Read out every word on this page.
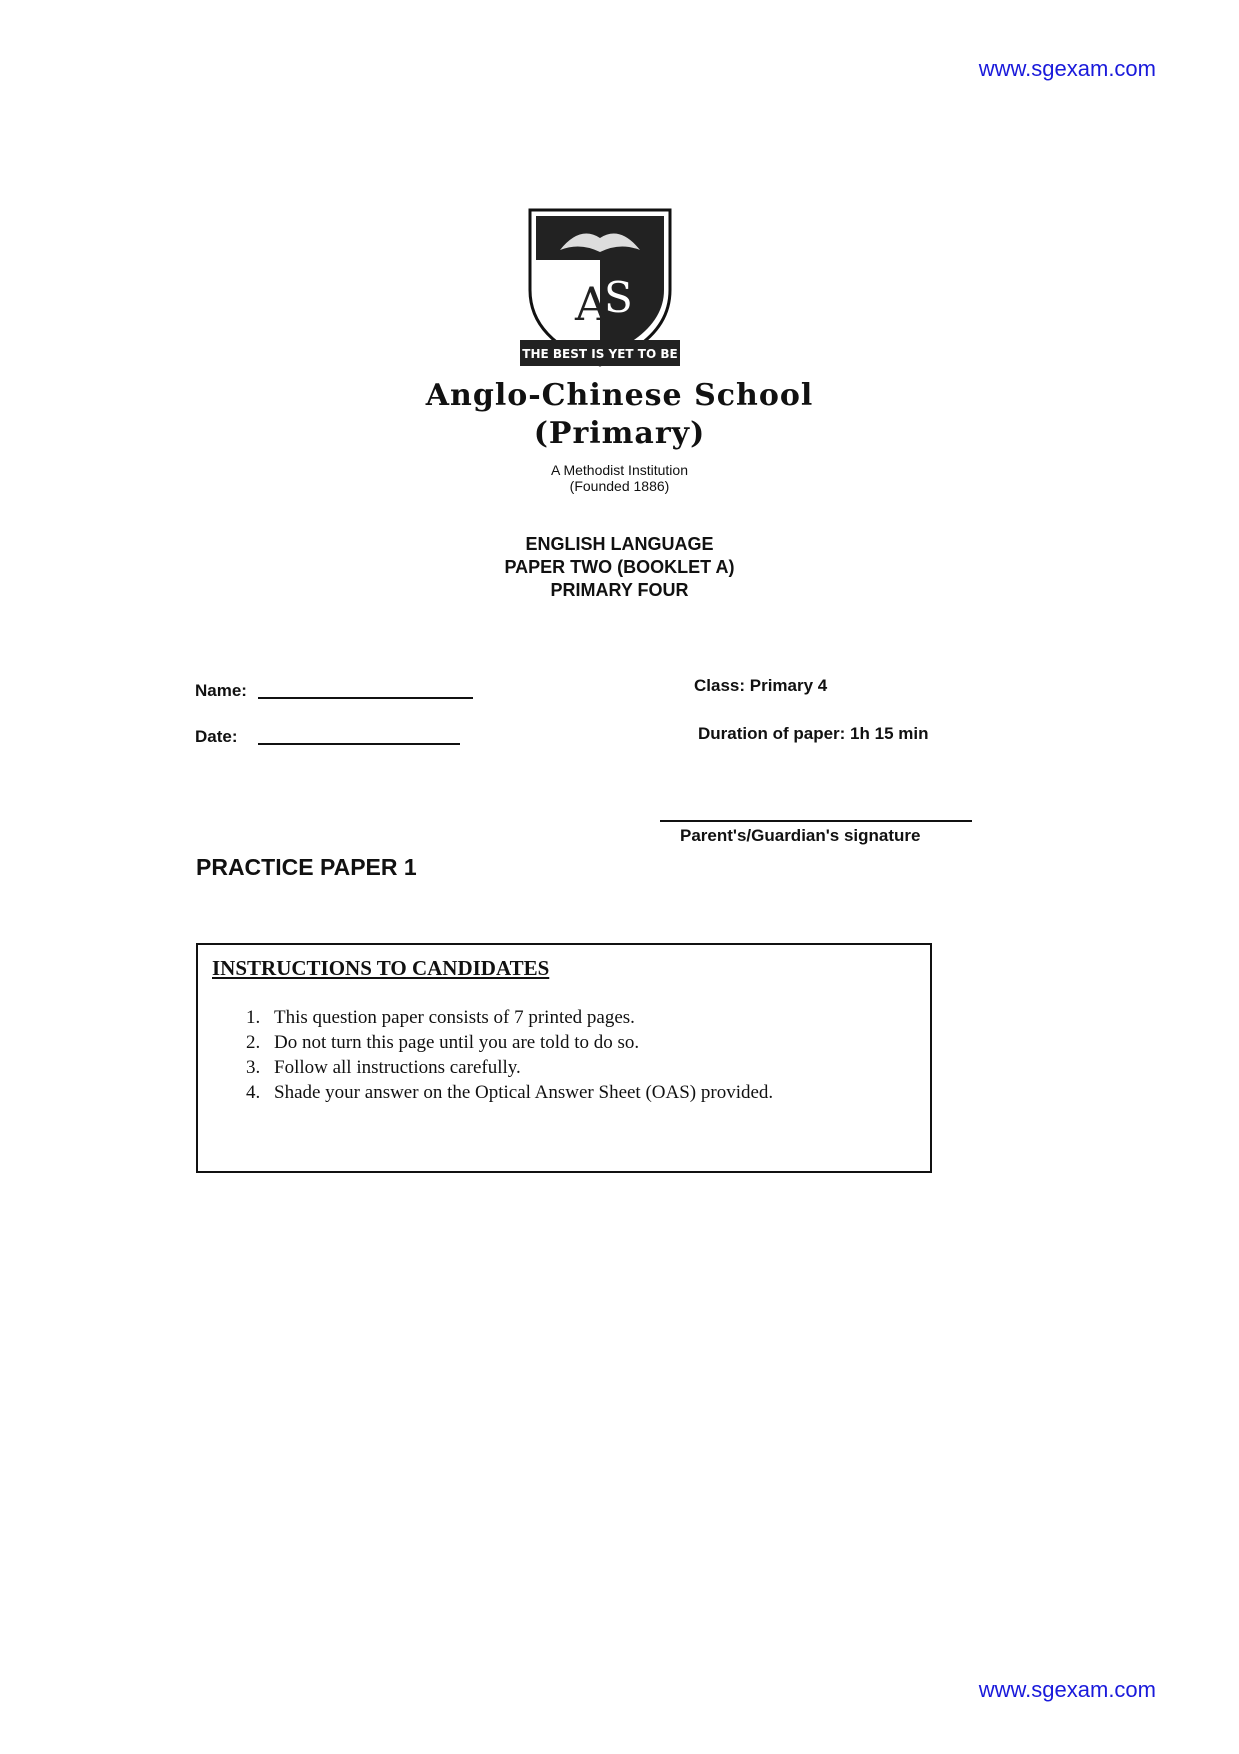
www.sgexam.com
A
S
THE BEST IS YET TO BE
Anglo-Chinese School
(Primary)
A Methodist Institution
(Founded 1886)
ENGLISH LANGUAGE
PAPER TWO (BOOKLET A)
PRIMARY FOUR
Name:
Date:
Class: Primary 4
Duration of paper: 1h 15 min
Parent's/Guardian's signature
PRACTICE PAPER 1
INSTRUCTIONS TO CANDIDATES
1. This question paper consists of 7 printed pages.
2. Do not turn this page until you are told to do so.
3. Follow all instructions carefully.
4. Shade your answer on the Optical Answer Sheet (OAS) provided.
www.sgexam.com
